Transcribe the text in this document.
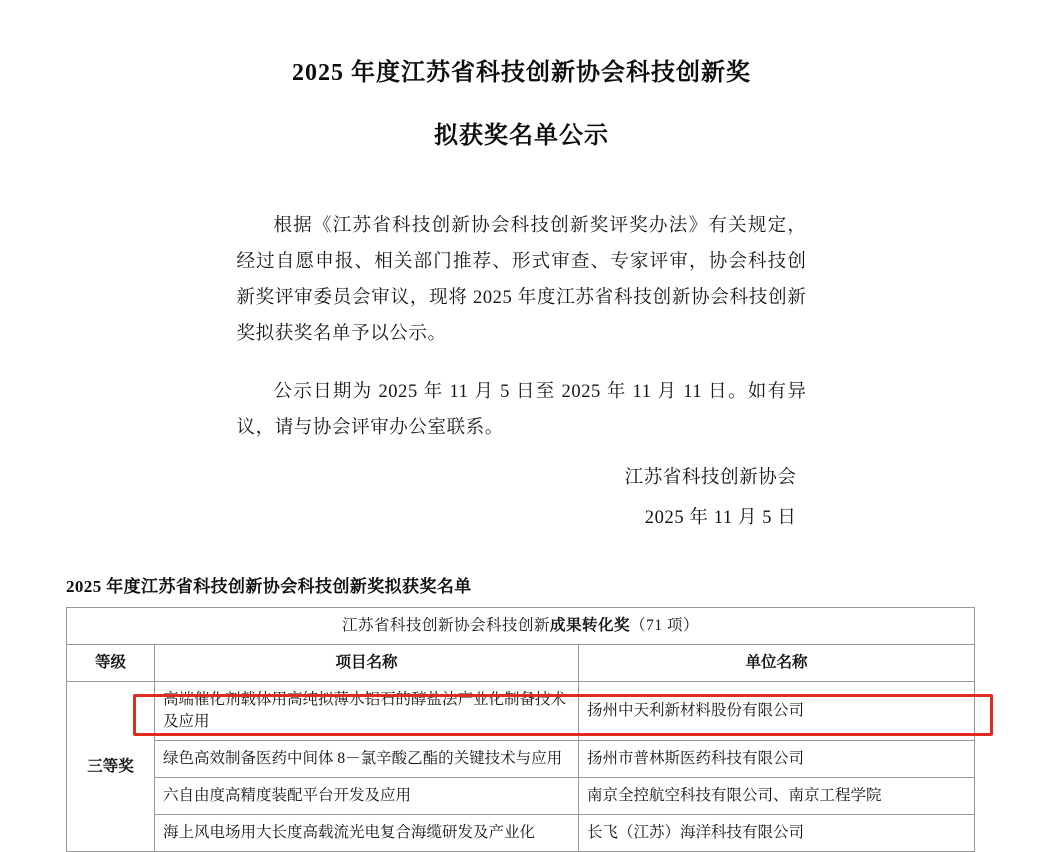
2025 年度江苏省科技创新协会科技创新奖
拟获奖名单公示

根据《江苏省科技创新协会科技创新奖评奖办法》有关规定，经过自愿申报、相关部门推荐、形式审查、专家评审，协会科技创新奖评审委员会审议，现将 2025 年度江苏省科技创新协会科技创新奖拟获奖名单予以公示。

公示日期为 2025 年 11 月 5 日至 2025 年 11 月 11 日。如有异议，请与协会评审办公室联系。

江苏省科技创新协会
2025 年 11 月 5 日
2025 年度江苏省科技创新协会科技创新奖拟获奖名单
江苏省科技创新协会科技创新成果转化奖（71 项）		
等级	项目名称	单位名称
三等奖	高端催化剂载体用高纯拟薄水铝石的醇盐法产业化制备技术及应用	扬州中天利新材料股份有限公司
	绿色高效制备医药中间体 8－氯辛酸乙酯的关键技术与应用	扬州市普林斯医药科技有限公司
	六自由度高精度装配平台开发及应用	南京全控航空科技有限公司、南京工程学院
	海上风电场用大长度高载流光电复合海缆研发及产业化	长飞（江苏）海洋科技有限公司
